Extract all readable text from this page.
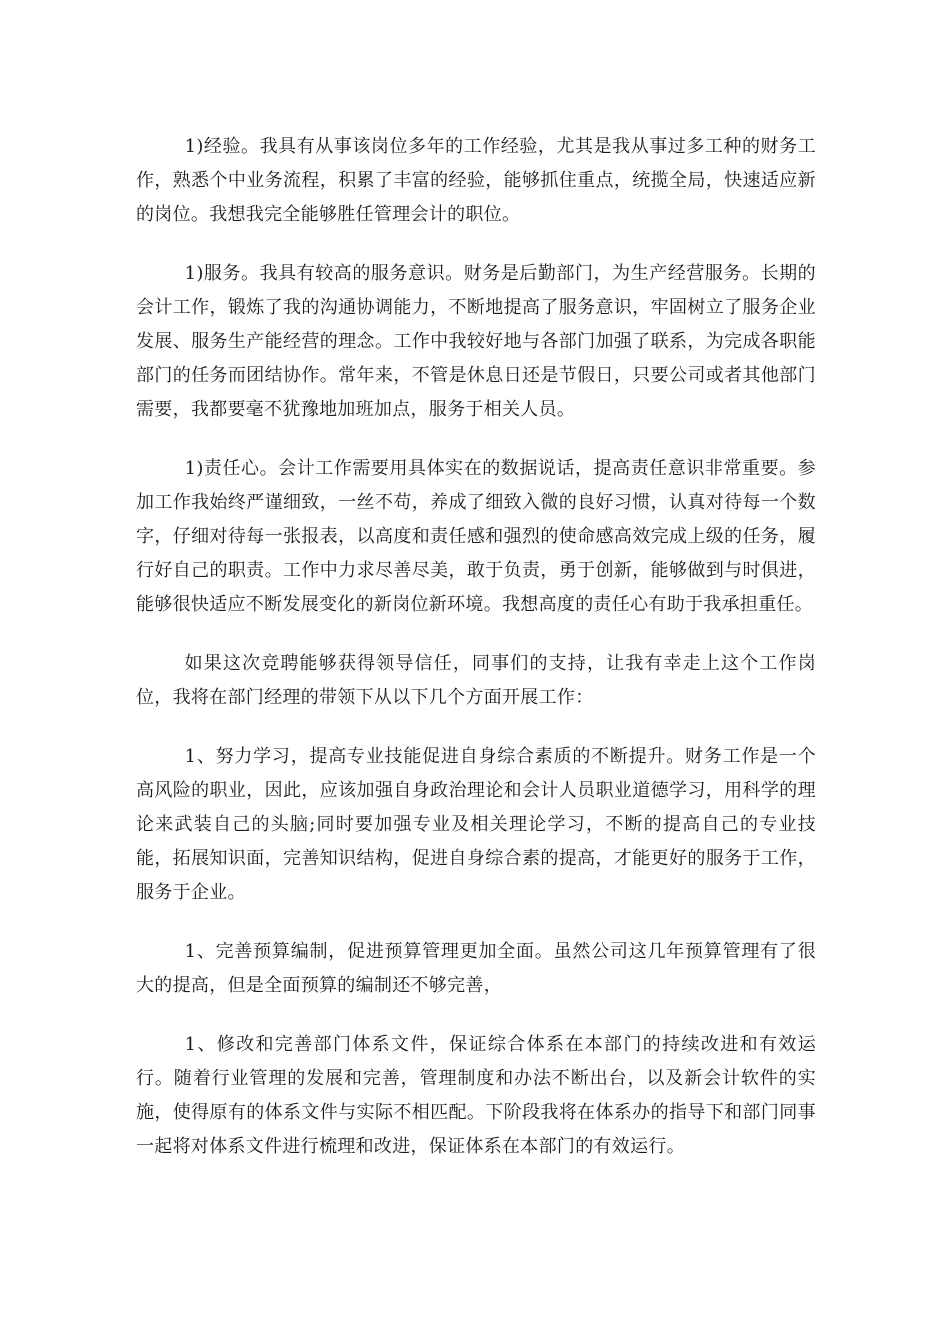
1)经验。我具有从事该岗位多年的工作经验，尤其是我从事过多工种的财务工作，熟悉个中业务流程，积累了丰富的经验，能够抓住重点，统揽全局，快速适应新的岗位。我想我完全能够胜任管理会计的职位。

1)服务。我具有较高的服务意识。财务是后勤部门，为生产经营服务。长期的会计工作，锻炼了我的沟通协调能力，不断地提高了服务意识，牢固树立了服务企业发展、服务生产能经营的理念。工作中我较好地与各部门加强了联系，为完成各职能部门的任务而团结协作。常年来，不管是休息日还是节假日，只要公司或者其他部门需要，我都要毫不犹豫地加班加点，服务于相关人员。

1)责任心。会计工作需要用具体实在的数据说话，提高责任意识非常重要。参加工作我始终严谨细致，一丝不苟，养成了细致入微的良好习惯，认真对待每一个数字，仔细对待每一张报表，以高度和责任感和强烈的使命感高效完成上级的任务，履行好自己的职责。工作中力求尽善尽美，敢于负责，勇于创新，能够做到与时俱进，能够很快适应不断发展变化的新岗位新环境。我想高度的责任心有助于我承担重任。

如果这次竞聘能够获得领导信任，同事们的支持，让我有幸走上这个工作岗位，我将在部门经理的带领下从以下几个方面开展工作：

1、努力学习，提高专业技能促进自身综合素质的不断提升。财务工作是一个高风险的职业，因此，应该加强自身政治理论和会计人员职业道德学习，用科学的理论来武装自己的头脑;同时要加强专业及相关理论学习，不断的提高自己的专业技能，拓展知识面，完善知识结构，促进自身综合素的提高，才能更好的服务于工作，服务于企业。

1、完善预算编制，促进预算管理更加全面。虽然公司这几年预算管理有了很大的提高，但是全面预算的编制还不够完善，

1、修改和完善部门体系文件，保证综合体系在本部门的持续改进和有效运行。随着行业管理的发展和完善，管理制度和办法不断出台，以及新会计软件的实施，使得原有的体系文件与实际不相匹配。下阶段我将在体系办的指导下和部门同事一起将对体系文件进行梳理和改进，保证体系在本部门的有效运行。
